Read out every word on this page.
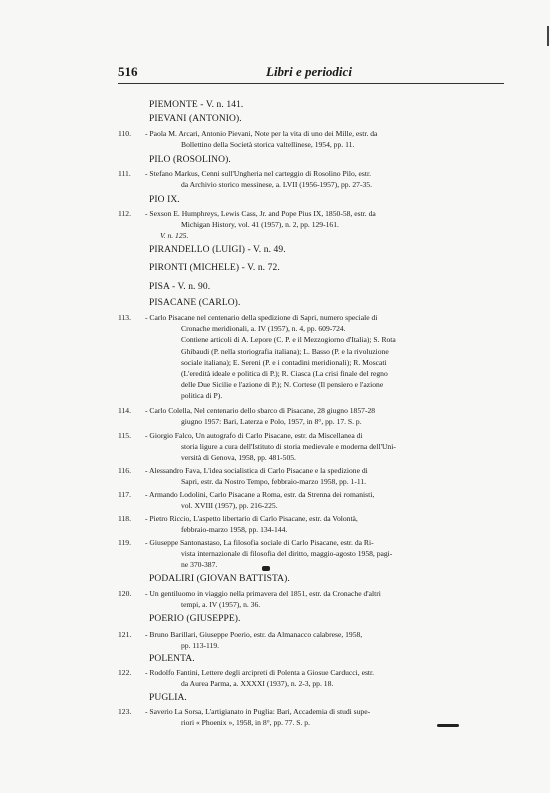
516	Libri e periodici
PIEMONTE - V. n. 141.
PIEVANI (ANTONIO).
110. - Paola M. Arcari, Antonio Pievani, Note per la vita di uno dei Mille, estr. da
Bollettino della Società storica valtellinese, 1954, pp. 11.
PILO (ROSOLINO).
111. - Stefano Markus, Cenni sull'Ungheria nel carteggio di Rosolino Pilo, estr.
da Archivio storico messinese, a. LVII (1956-1957), pp. 27-35.
PIO IX.
112. - Sexson E. Humphreys, Lewis Cass, Jr. and Pope Pius IX, 1850-58, estr. da
Michigan History, vol. 41 (1957), n. 2, pp. 129-161.
V. n. 125.
PIRANDELLO (LUIGI) - V. n. 49.
PIRONTI (MICHELE) - V. n. 72.
PISA - V. n. 90.
PISACANE (CARLO).
113. - Carlo Pisacane nel centenario della spedizione di Sapri, numero speciale di
Cronache meridionali, a. IV (1957), n. 4, pp. 609-724.
Contiene articoli di A. Lepore (C. P. e il Mezzogiorno d'Italia); S. Rota
Ghibaudi (P. nella storiografia italiana); L. Basso (P. e la rivoluzione
sociale italiana); E. Sereni (P. e i contadini meridionali); R. Moscati
(L'eredità ideale e politica di P.); R. Ciasca (La crisi finale del regno
delle Due Sicilie e l'azione di P.); N. Cortese (Il pensiero e l'azione
politica di P).
114. - Carlo Colella, Nel centenario dello sbarco di Pisacane, 28 giugno 1857-28
giugno 1957: Bari, Laterza e Polo, 1957, in 8°, pp. 17. S. p.
115. - Giorgio Falco, Un autografo di Carlo Pisacane, estr. da Miscellanea di
storia ligure a cura dell'Istituto di storia medievale e moderna dell'Uni-
versità di Genova, 1958, pp. 481-505.
116. - Alessandro Fava, L'idea socialistica di Carlo Pisacane e la spedizione di
Sapri, estr. da Nostro Tempo, febbraio-marzo 1958, pp. 1-11.
117. - Armando Lodolini, Carlo Pisacane a Roma, estr. da Strenna dei romanisti,
vol. XVIII (1957), pp. 216-225.
118. - Pietro Riccio, L'aspetto libertario di Carlo Pisacane, estr. da Volontà,
febbraio-marzo 1958, pp. 134-144.
119. - Giuseppe Santonastaso, La filosofia sociale di Carlo Pisacane, estr. da Ri-
vista internazionale di filosofia del diritto, maggio-agosto 1958, pagi-
ne 370-387.
PODALIRI (GIOVAN BATTISTA).
120. - Un gentiluomo in viaggio nella primavera del 1851, estr. da Cronache d'altri
tempi, a. IV (1957), n. 36.
POERIO (GIUSEPPE).
121. - Bruno Barillari, Giuseppe Poerio, estr. da Almanacco calabrese, 1958,
pp. 113-119.
POLENTA.
122. - Rodolfo Fantini, Lettere degli arcipreti di Polenta a Giosue Carducci, estr.
da Aurea Parma, a. XXXXI (1937), n. 2-3, pp. 18.
PUGLIA.
123. - Saverio La Sorsa, L'artigianato in Puglia: Bari, Accademia di studi supe-
riori « Phoenix », 1958, in 8°, pp. 77. S. p.
